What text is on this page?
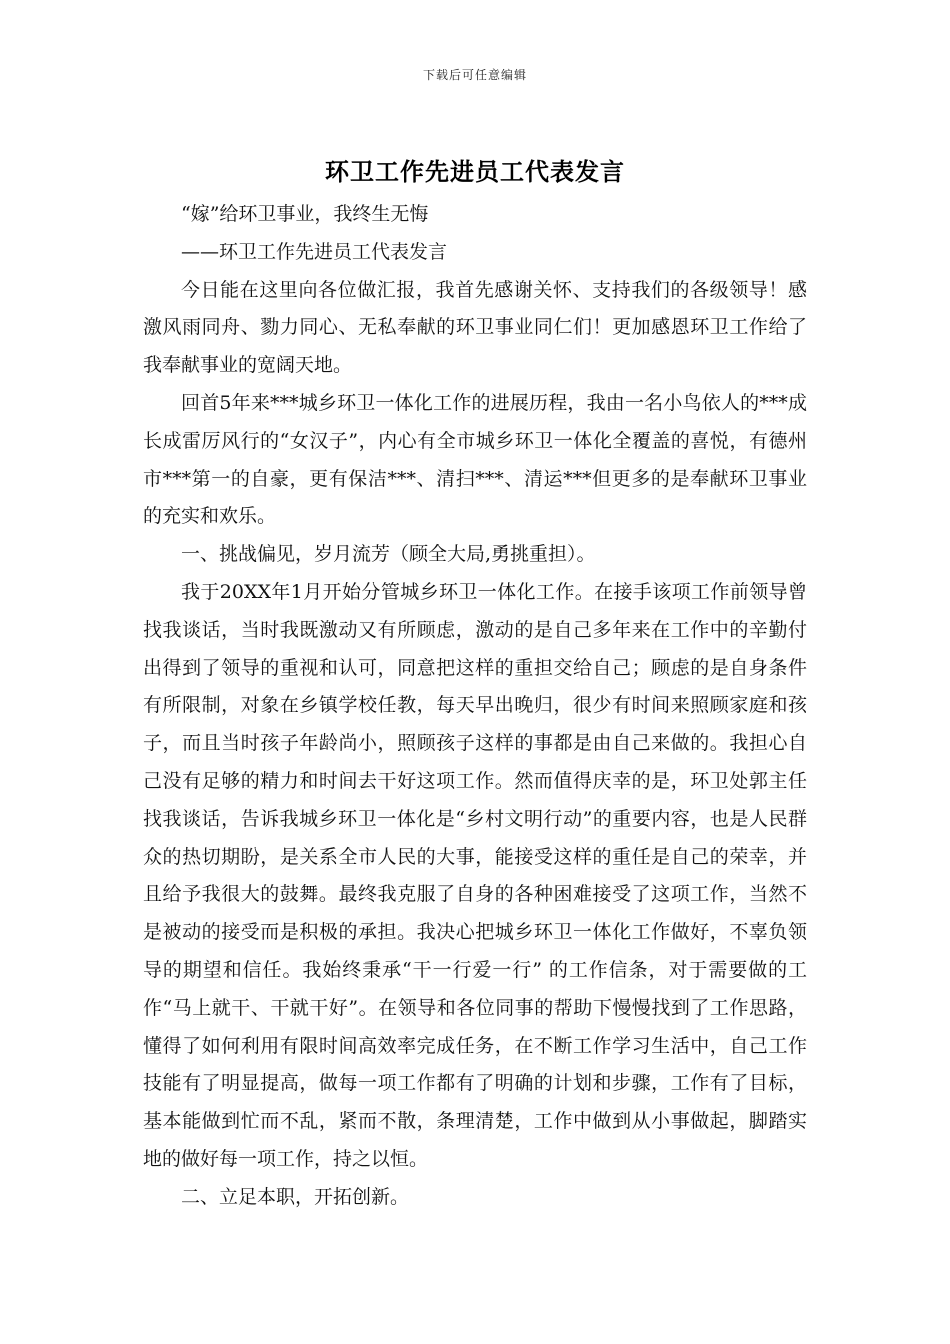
下载后可任意编辑
环卫工作先进员工代表发言

“嫁”给环卫事业，我终生无悔

——环卫工作先进员工代表发言

今日能在这里向各位做汇报，我首先感谢关怀、支持我们的各级领导！感激风雨同舟、勠力同心、无私奉献的环卫事业同仁们！更加感恩环卫工作给了我奉献事业的宽阔天地。

回首5年来***城乡环卫一体化工作的进展历程，我由一名小鸟依人的***成长成雷厉风行的“女汉子”，内心有全市城乡环卫一体化全覆盖的喜悦，有德州市***第一的自豪，更有保洁***、清扫***、清运***但更多的是奉献环卫事业的充实和欢乐。

一、挑战偏见，岁月流芳（顾全大局,勇挑重担）。

我于20XX年1月开始分管城乡环卫一体化工作。在接手该项工作前领导曾找我谈话，当时我既激动又有所顾虑，激动的是自己多年来在工作中的辛勤付出得到了领导的重视和认可，同意把这样的重担交给自己；顾虑的是自身条件有所限制，对象在乡镇学校任教，每天早出晚归，很少有时间来照顾家庭和孩子，而且当时孩子年龄尚小，照顾孩子这样的事都是由自己来做的。我担心自己没有足够的精力和时间去干好这项工作。然而值得庆幸的是，环卫处郭主任找我谈话，告诉我城乡环卫一体化是“乡村文明行动”的重要内容，也是人民群众的热切期盼，是关系全市人民的大事，能接受这样的重任是自己的荣幸，并且给予我很大的鼓舞。最终我克服了自身的各种困难接受了这项工作，当然不是被动的接受而是积极的承担。我决心把城乡环卫一体化工作做好，不辜负领导的期望和信任。我始终秉承“干一行爱一行” 的工作信条，对于需要做的工作“马上就干、干就干好”。在领导和各位同事的帮助下慢慢找到了工作思路，懂得了如何利用有限时间高效率完成任务，在不断工作学习生活中，自己工作技能有了明显提高，做每一项工作都有了明确的计划和步骤，工作有了目标，基本能做到忙而不乱，紧而不散，条理清楚，工作中做到从小事做起，脚踏实地的做好每一项工作，持之以恒。

二、立足本职，开拓创新。
